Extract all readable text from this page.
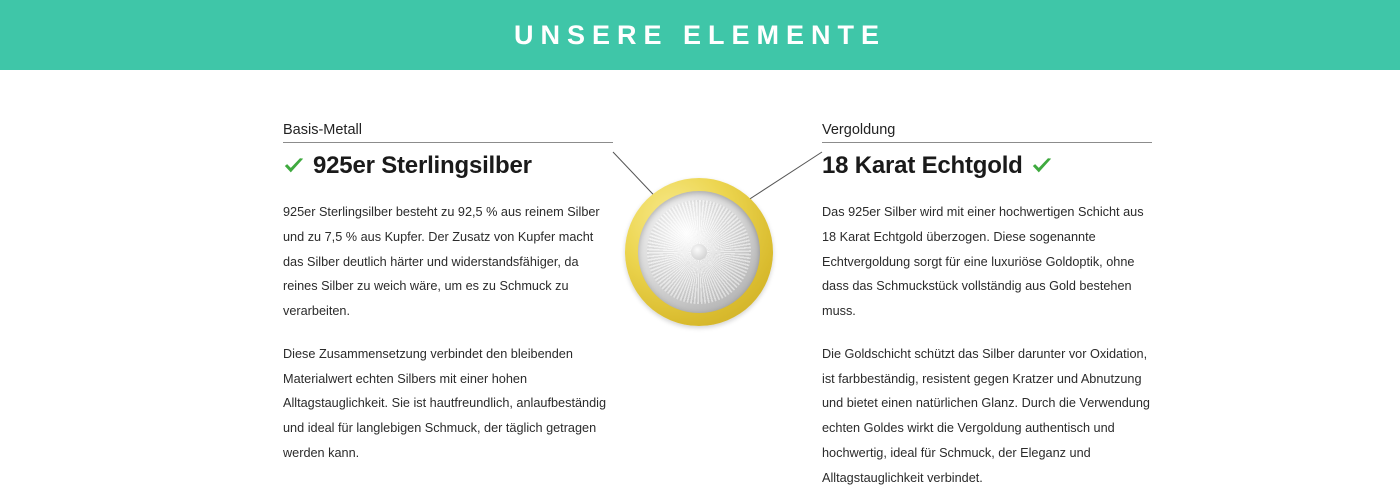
UNSERE ELEMENTE
Basis-Metall
925er Sterlingsilber

925er Sterlingsilber besteht zu 92,5 % aus reinem Silber und zu 7,5 % aus Kupfer. Der Zusatz von Kupfer macht das Silber deutlich härter und widerstandsfähiger, da reines Silber zu weich wäre, um es zu Schmuck zu verarbeiten.

Diese Zusammensetzung verbindet den bleibenden Materialwert echten Silbers mit einer hohen Alltagstauglichkeit. Sie ist hautfreundlich, anlaufbeständig und ideal für langlebigen Schmuck, der täglich getragen werden kann.

Vergoldung
18 Karat Echtgold

Das 925er Silber wird mit einer hochwertigen Schicht aus 18 Karat Echtgold überzogen. Diese sogenannte Echtvergoldung sorgt für eine luxuriöse Goldoptik, ohne dass das Schmuckstück vollständig aus Gold bestehen muss.

Die Goldschicht schützt das Silber darunter vor Oxidation, ist farbbeständig, resistent gegen Kratzer und Abnutzung und bietet einen natürlichen Glanz. Durch die Verwendung echten Goldes wirkt die Vergoldung authentisch und hochwertig, ideal für Schmuck, der Eleganz und Alltagstauglichkeit verbindet.
